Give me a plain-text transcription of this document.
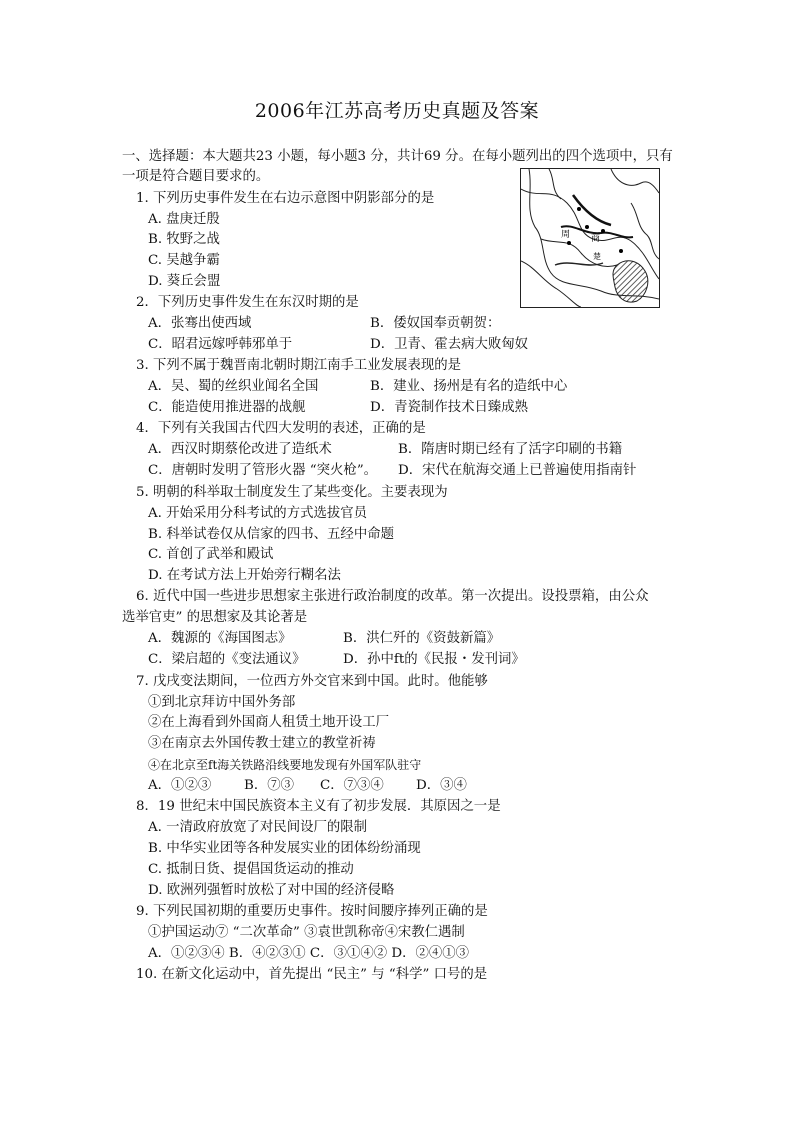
2006年江苏高考历史真题及答案
一、选择题：本大题共23 小题，每小题3 分，共计69 分。在每小题列出的四个选项中，只有
一项是符合题目要求的。
周 商
楚
1. 下列历史事件发生在右边示意图中阴影部分的是
A. 盘庚迁殷
B. 牧野之战
C. 吴越争霸
D. 葵丘会盟
2．下列历史事件发生在东汉时期的是
A．张骞出使西域	B．倭奴国奉贡朝贺：
C．昭君远嫁呼韩邪单于	D．卫青、霍去病大败匈奴
3. 下列不属于魏晋南北朝时期江南手工业发展表现的是
A．吴、蜀的丝织业闻名全国	B．建业、扬州是有名的造纸中心
C．能造使用推进器的战舰	D．青瓷制作技术日臻成熟
4．下列有关我国古代四大发明的表述，正确的是
A．西汉时期蔡伦改进了造纸术	B．隋唐时期已经有了活字印刷的书籍
C．唐朝时发明了管形火器 “突火枪”。 D．宋代在航海交通上已普遍使用指南针
5. 明朝的科举取士制度发生了某些变化。主要表现为
A. 开始采用分科考试的方式选拔官员
B. 科举试卷仅从信家的四书、五经中命题
C. 首创了武举和殿试
D. 在考试方法上开始旁行糊名法
6. 近代中国一些进步思想家主张进行政治制度的改革。第一次提出。设投票箱，由公众
选举官吏” 的思想家及其论著是
A．魏源的《海国图志》	B．洪仁歼的《资鼓新篇》
C．梁启超的《变法通议》	D．孙中ft的《民报・发刊词》
7. 戊戌变法期间，一位西方外交官来到中国。此时。他能够
①到北京拜访中国外务部
②在上海看到外国商人租赁土地开设工厂
③在南京去外国传教士建立的教堂祈祷
④在北京至ft海关铁路沿线要地发现有外国军队驻守
A．①②③ B．⑦③ C．⑦③④ D．③④
8．19 世纪末中国民族资本主义有了初步发展．其原因之一是
A. 一清政府放宽了对民间设厂的限制
B. 中华实业团等各种发展实业的团体纷纷涌现
C. 抵制日货、提倡国货运动的推动
D. 欧洲列强暂时放松了对中国的经济侵略
9. 下列民国初期的重要历史事件。按时间腰序捧列正确的是
①护国运动⑦ “二次革命” ③袁世凯称帝④宋教仁遇制
A．①②③④ B．④②③① C．③①④② D．②④①③
10. 在新文化运动中，首先提出 “民主” 与 “科学” 口号的是
